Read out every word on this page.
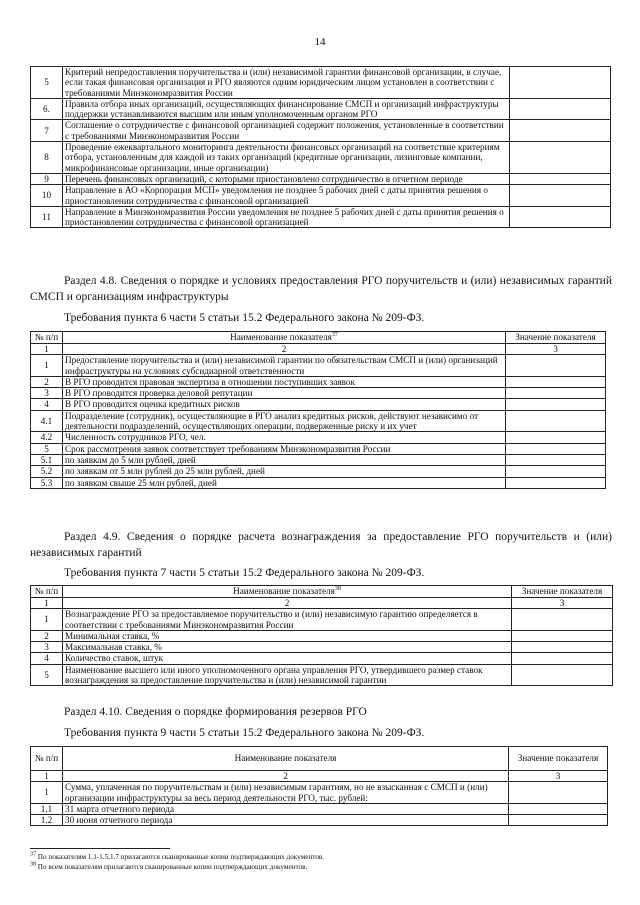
14
5	Критерий непредоставления поручительства и (или) независимой гарантии финансовой организации, в случае, если такая финансовая организация и РГО являются одним юридическим лицом установлен в соответствии с требованиями Минэкономразвития России	
6.	Правила отбора иных организаций, осуществляющих финансирование СМСП и организаций инфраструктуры поддержки устанавливаются высшим или иным уполномоченным органом РГО	
7	Соглашение о сотрудничестве с финансовой организацией содержит положения, установленные в соответствии с требованиями Минэкономразвития России	
8	Проведение ежеквартального мониторинга деятельности финансовых организаций на соответствие критериям отбора, установленным для каждой из таких организаций (кредитные организации, лизинговые компании, микрофинансовые организации, иные организации)	
9	Перечень финансовых организаций, с которыми приостановлено сотрудничество в отчетном периоде	
10	Направление в АО «Корпорация МСП» уведомления не позднее 5 рабочих дней с даты принятия решения о приостановлении сотрудничества с финансовой организацией	
11	Направление в Минэкономразвития России уведомления не позднее 5 рабочих дней с даты принятия решения о приостановлении сотрудничества с финансовой организацией	
Раздел 4.8. Сведения о порядке и условиях предоставления РГО поручительств и (или) независимых гарантий СМСП и организациям инфраструктуры
Требования пункта 6 части 5 статьи 15.2 Федерального закона № 209-ФЗ.
№ п/п	Наименование показателя$^{37}$	Значение показателя
1	2	3
1	Предоставление поручительства и (или) независимой гарантии по обязательствам СМСП и (или) организаций инфраструктуры на условиях субсидиарной ответственности	
2	В РГО проводится правовая экспертиза в отношении поступивших заявок	
3	В РГО проводится проверка деловой репутации	
4	В РГО проводится оценка кредитных рисков	
4.1	Подразделение (сотрудник), осуществляющие в РГО анализ кредитных рисков, действуют независимо от деятельности подразделений, осуществляющих операции, подверженные риску и их учет	
4.2	Численность сотрудников РГО, чел.	
5	Срок рассмотрения заявок соответствует требованиям Минэкономразвития России	
5.1	по заявкам до 5 млн рублей, дней	
5.2	по заявкам от 5 млн рублей до 25 млн рублей, дней	
5.3	по заявкам свыше 25 млн рублей, дней	
Раздел 4.9. Сведения о порядке расчета вознаграждения за предоставление РГО поручительств и (или) независимых гарантий
Требования пункта 7 части 5 статьи 15.2 Федерального закона № 209-ФЗ.
№ п/п	Наименование показателя$^{38}$	Значение показателя
1	2	3
1	Вознаграждение РГО за предоставляемое поручительство и (или) независимую гарантию определяется в соответствии с требованиями Минэкономразвития России	
2	Минимальная ставка, %	
3	Максимальная ставка, %	
4	Количество ставок, штук	
5	Наименование высшего или иного уполномоченного органа управления РГО, утвердившего размер ставок вознаграждения за предоставление поручительства и (или) независимой гарантии	
Раздел 4.10. Сведения о порядке формирования резервов РГО
Требования пункта 9 части 5 статьи 15.2 Федерального закона № 209-ФЗ.
№ п/п	Наименование показателя	Значение показателя
1	2	3
1	Сумма, уплаченная по поручительствам и (или) независимым гарантиям, но не взысканная с СМСП и (или) организации инфраструктуры за весь период деятельности РГО, тыс. рублей:	
1.1	31 марта отчетного периода	
1.2	30 июня отчетного периода	
$^{37}$ По показателям 1.1-1.5,1.7 прилагаются сканированные копии подтверждающих документов.
$^{38}$ По всем показателям прилагаются сканированные копии подтверждающих документов.
